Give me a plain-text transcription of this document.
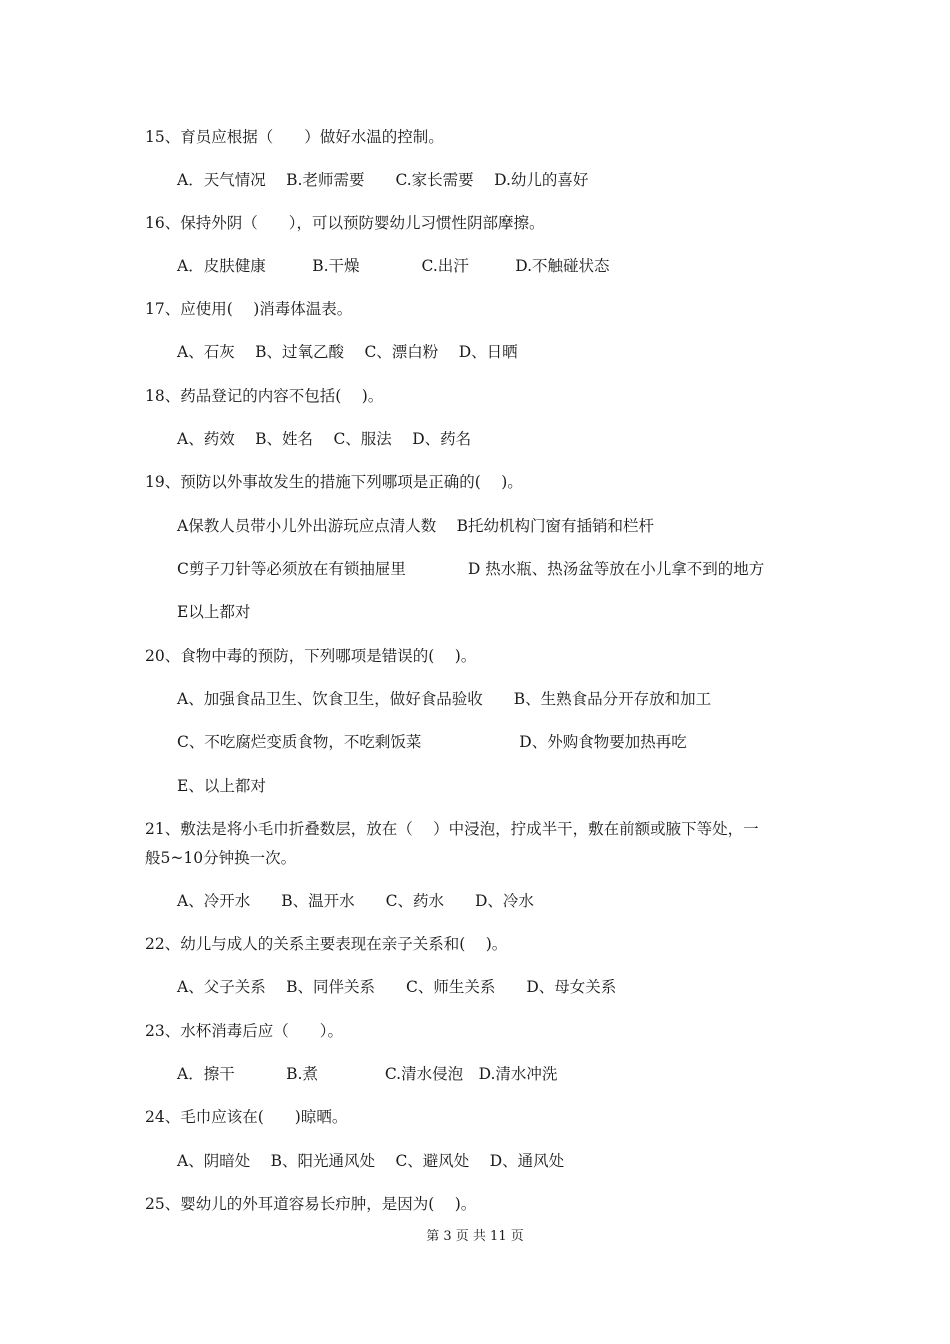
15、育员应根据（　　）做好水温的控制。
A．天气情况　 B.老师需要　　C.家长需要　 D.幼儿的喜好
16、保持外阴（　　），可以预防婴幼儿习惯性阴部摩擦。
A．皮肤健康　　　B.干燥　　　　C.出汗　　　D.不触碰状态
17、应使用(　 )消毒体温表。
A、石灰　 B、过氧乙酸　 C、漂白粉　 D、日晒
18、药品登记的内容不包括(　 )。
A、药效　 B、姓名　 C、服法　 D、药名
19、预防以外事故发生的措施下列哪项是正确的(　 )。
A保教人员带小儿外出游玩应点清人数　 B托幼机构门窗有插销和栏杆
C剪子刀针等必须放在有锁抽屉里　　　　D 热水瓶、热汤盆等放在小儿拿不到的地方
E以上都对
20、食物中毒的预防，下列哪项是错误的(　 )。
A、加强食品卫生、饮食卫生，做好食品验收　　B、生熟食品分开存放和加工
C、不吃腐烂变质食物，不吃剩饭菜　　　　　　 D、外购食物要加热再吃
E、以上都对
21、敷法是将小毛巾折叠数层，放在（　 ）中浸泡，拧成半干，敷在前额或腋下等处，一
般5~10分钟换一次。
A、冷开水　　B、温开水　　C、药水　　D、冷水
22、幼儿与成人的关系主要表现在亲子关系和(　 )。
A、父子关系　 B、同伴关系　　C、师生关系　　D、母女关系
23、水杯消毒后应（　　）。
A．擦干　　　 B.煮　　　　 C.清水侵泡　D.清水冲洗
24、毛巾应该在(　　)晾晒。
A、阴暗处　 B、阳光通风处　 C、避风处　 D、通风处
25、婴幼儿的外耳道容易长疖肿，是因为(　 )。
第 3 页 共 11 页
